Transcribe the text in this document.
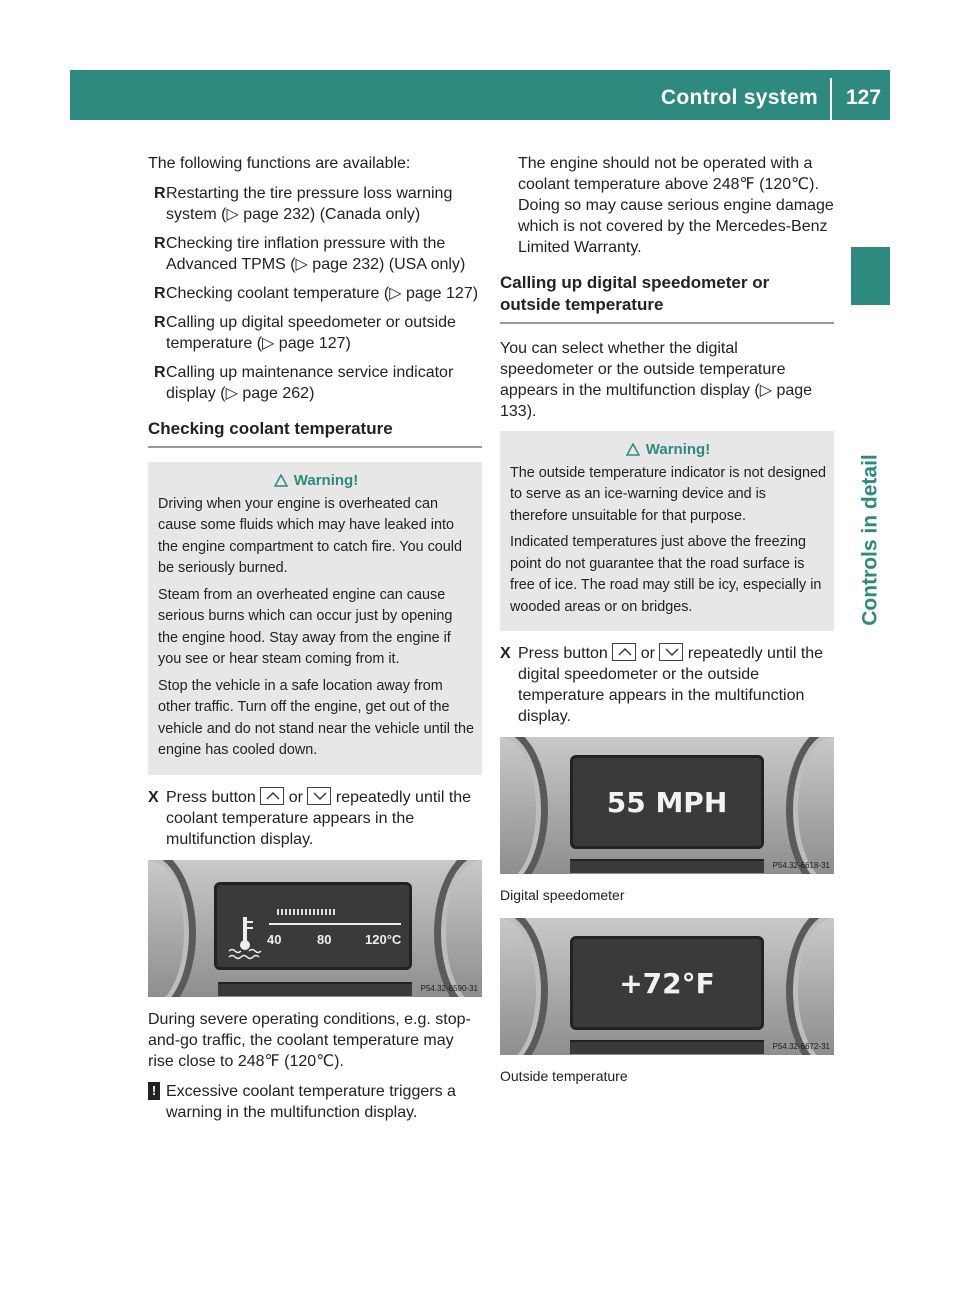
Control system 127
Controls in detail

The following functions are available:

R Restarting the tire pressure loss warning system (▷ page 232) (Canada only)
R Checking tire inflation pressure with the Advanced TPMS (▷ page 232) (USA only)
R Checking coolant temperature (▷ page 127)
R Calling up digital speedometer or outside temperature (▷ page 127)
R Calling up maintenance service indicator display (▷ page 262)
Checking coolant temperature
Warning!

Driving when your engine is overheated can cause some fluids which may have leaked into the engine compartment to catch fire. You could be seriously burned.

Steam from an overheated engine can cause serious burns which can occur just by opening the engine hood. Stay away from the engine if you see or hear steam coming from it.

Stop the vehicle in a safe location away from other traffic. Turn off the engine, get out of the vehicle and do not stand near the vehicle until the engine has cooled down.

X Press button or repeatedly until the coolant temperature appears in the multifunction display.
40	80	120°C
P54.32-6590-31

During severe operating conditions, e.g. stop-and-go traffic, the coolant temperature may rise close to 248℉ (120℃).

! Excessive coolant temperature triggers a warning in the multifunction display.

The engine should not be operated with a coolant temperature above 248℉ (120℃). Doing so may cause serious engine damage which is not covered by the Mercedes-Benz Limited Warranty.

Calling up digital speedometer or outside temperature

You can select whether the digital speedometer or the outside temperature appears in the multifunction display (▷ page 133).

Warning!

The outside temperature indicator is not designed to serve as an ice-warning device and is therefore unsuitable for that purpose.

Indicated temperatures just above the freezing point do not guarantee that the road surface is free of ice. The road may still be icy, especially in wooded areas or on bridges.

X Press button or repeatedly until the digital speedometer or the outside temperature appears in the multifunction display.
55 MPH
P54.32-6618-31
Digital speedometer
+72°F
P54.32-6672-31
Outside temperature
